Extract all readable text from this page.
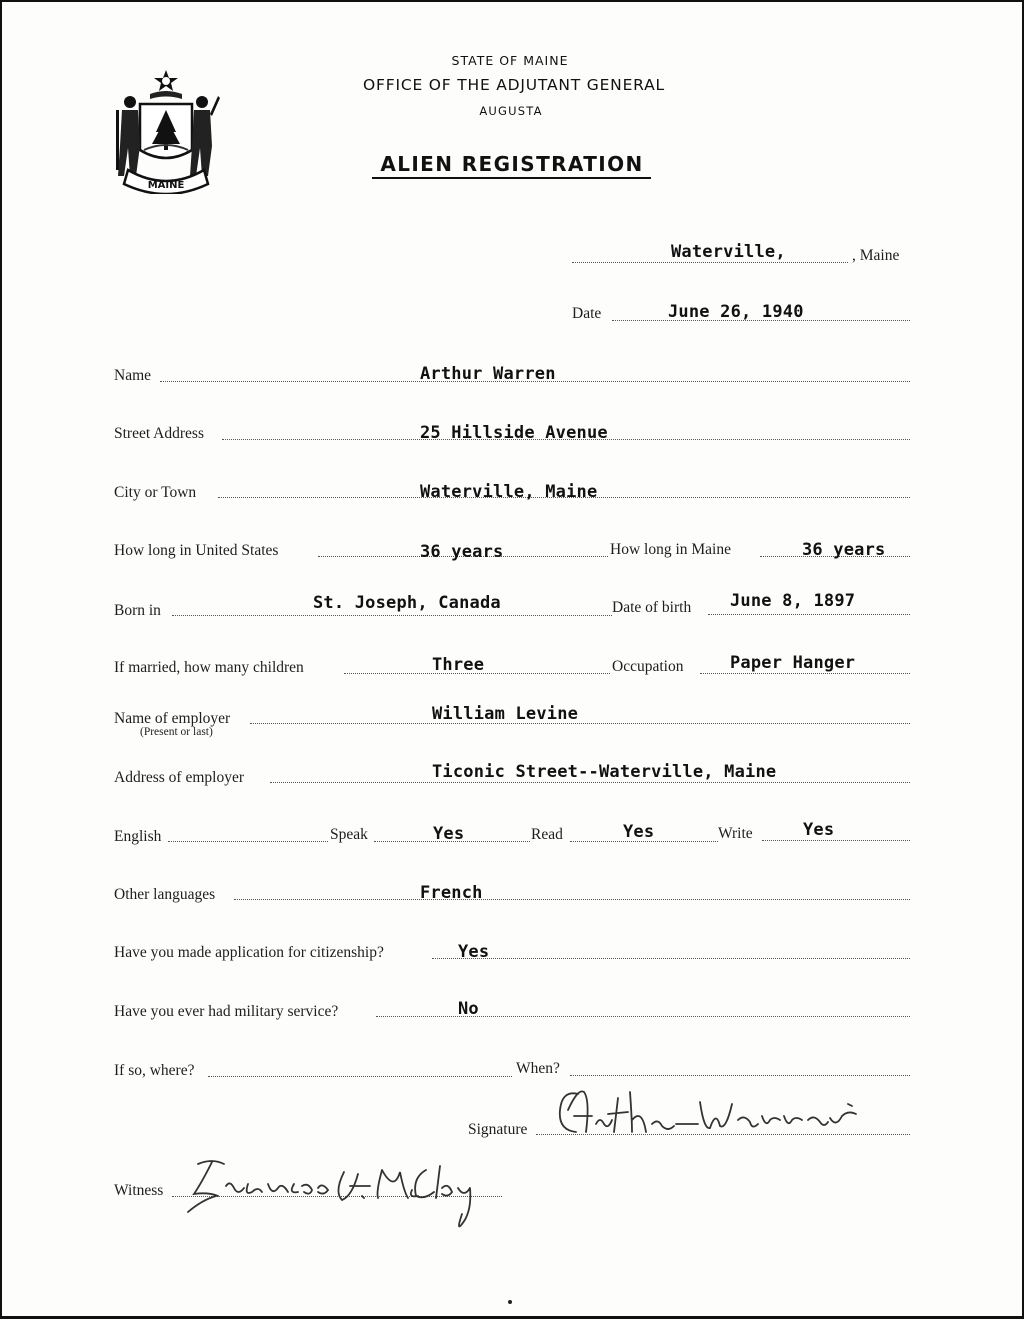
MAINE
STATE OF MAINE
OFFICE OF THE ADJUTANT GENERAL
AUGUSTA
ALIEN REGISTRATION
Waterville,	, Maine
Date	June 26, 1940
Name	Arthur Warren
Street Address	25 Hillside Avenue
City or Town	Waterville, Maine
How long in United States	36 years	How long in Maine	36 years
Born in	St. Joseph, Canada	Date of birth June 8, 1897
If married, how many children	Three	Occupation	Paper Hanger
Name of employer
(Present or last)
William Levine
Address of employer	Ticonic Street--Waterville, Maine
English	Speak	Yes	Read	Yes	Write	Yes
Other languages	French
Have you made application for citizenship?	Yes
Have you ever had military service?	No
If so, where?	When?
Signature
Witness
